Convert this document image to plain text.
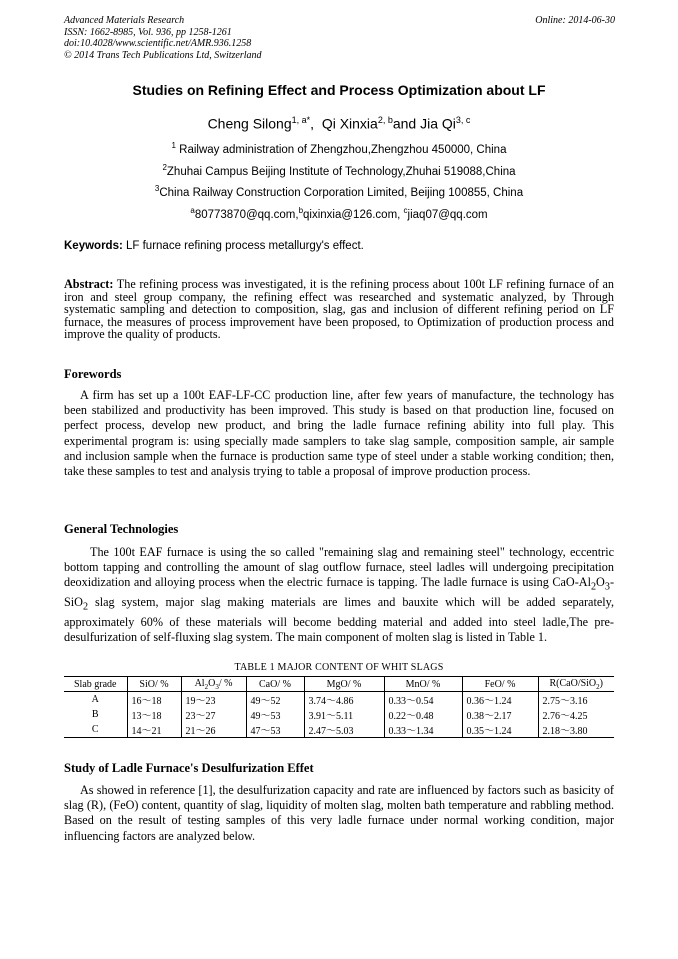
Advanced Materials Research
ISSN: 1662-8985, Vol. 936, pp 1258-1261
doi:10.4028/www.scientific.net/AMR.936.1258
© 2014 Trans Tech Publications Ltd, Switzerland
Online: 2014-06-30
Studies on Refining Effect and Process Optimization about LF
Cheng Silong$^{1, a*}$,  Qi Xinxia$^{2, b}$and Jia Qi$^{3, c}$
$^1$ Railway administration of Zhengzhou,Zhengzhou 450000, China
$^2$Zhuhai Campus Beijing Institute of Technology,Zhuhai 519088,China
$^3$China Railway Construction Corporation Limited, Beijing 100855, China
$^a$80773870@qq.com,$^b$qixinxia@126.com, $^c$jiaq07@qq.com
Keywords: LF furnace refining process metallurgy's effect.
Abstract: The refining process was investigated, it is the refining process about 100t LF refining furnace of an iron and steel group company, the refining effect was researched and systematic analyzed, by Through systematic sampling and detection to composition, slag, gas and inclusion of different refining period on LF furnace, the measures of process improvement have been proposed, to Optimization of production process and improve the quality of products.
Forewords
A firm has set up a 100t EAF-LF-CC production line, after few years of manufacture, the technology has been stabilized and productivity has been improved. This study is based on that production line, focused on perfect process, develop new product, and bring the ladle furnace refining ability into full play. This experimental program is: using specially made samplers to take slag sample, composition sample, air sample and inclusion sample when the furnace is production same type of steel under a stable working condition; then, take these samples to test and analysis trying to table a proposal of improve production process.
General Technologies
The 100t EAF furnace is using the so called "remaining slag and remaining steel" technology, eccentric bottom tapping and controlling the amount of slag outflow furnace, steel ladles will undergoing precipitation deoxidization and alloying process when the electric furnace is tapping. The ladle furnace is using CaO-$Al_2O_3-SiO_2$ slag system, major slag making materials are limes and bauxite which will be added separately, approximately 60% of these materials will become bedding material and added into steel ladle,The pre-desulfurization of self-fluxing slag system. The main component of molten slag is listed in Table 1.
TABLE 1 MAJOR CONTENT OF WHIT SLAGS
Slab grade	SiO/ %	$Al_2O_3/$ %	CaO/ %	MgO/ %	MnO/ %	FeO/ %	R(CaO/SiO$_2$)
A	16～18	19～23	49～52	3.74～4.86	0.33～0.54	0.36～1.24	2.75～3.16
B	13～18	23～27	49～53	3.91～5.11	0.22～0.48	0.38～2.17	2.76～4.25
C	14～21	21～26	47～53	2.47～5.03	0.33～1.34	0.35～1.24	2.18～3.80
Study of Ladle Furnace's Desulfurization Effet
As showed in reference [1], the desulfurization capacity and rate are influenced by factors such as basicity of slag (R), (FeO) content, quantity of slag, liquidity of molten slag, molten bath temperature and rabbling method. Based on the result of testing samples of this very ladle furnace under normal working condition, major influencing factors are analyzed below.
